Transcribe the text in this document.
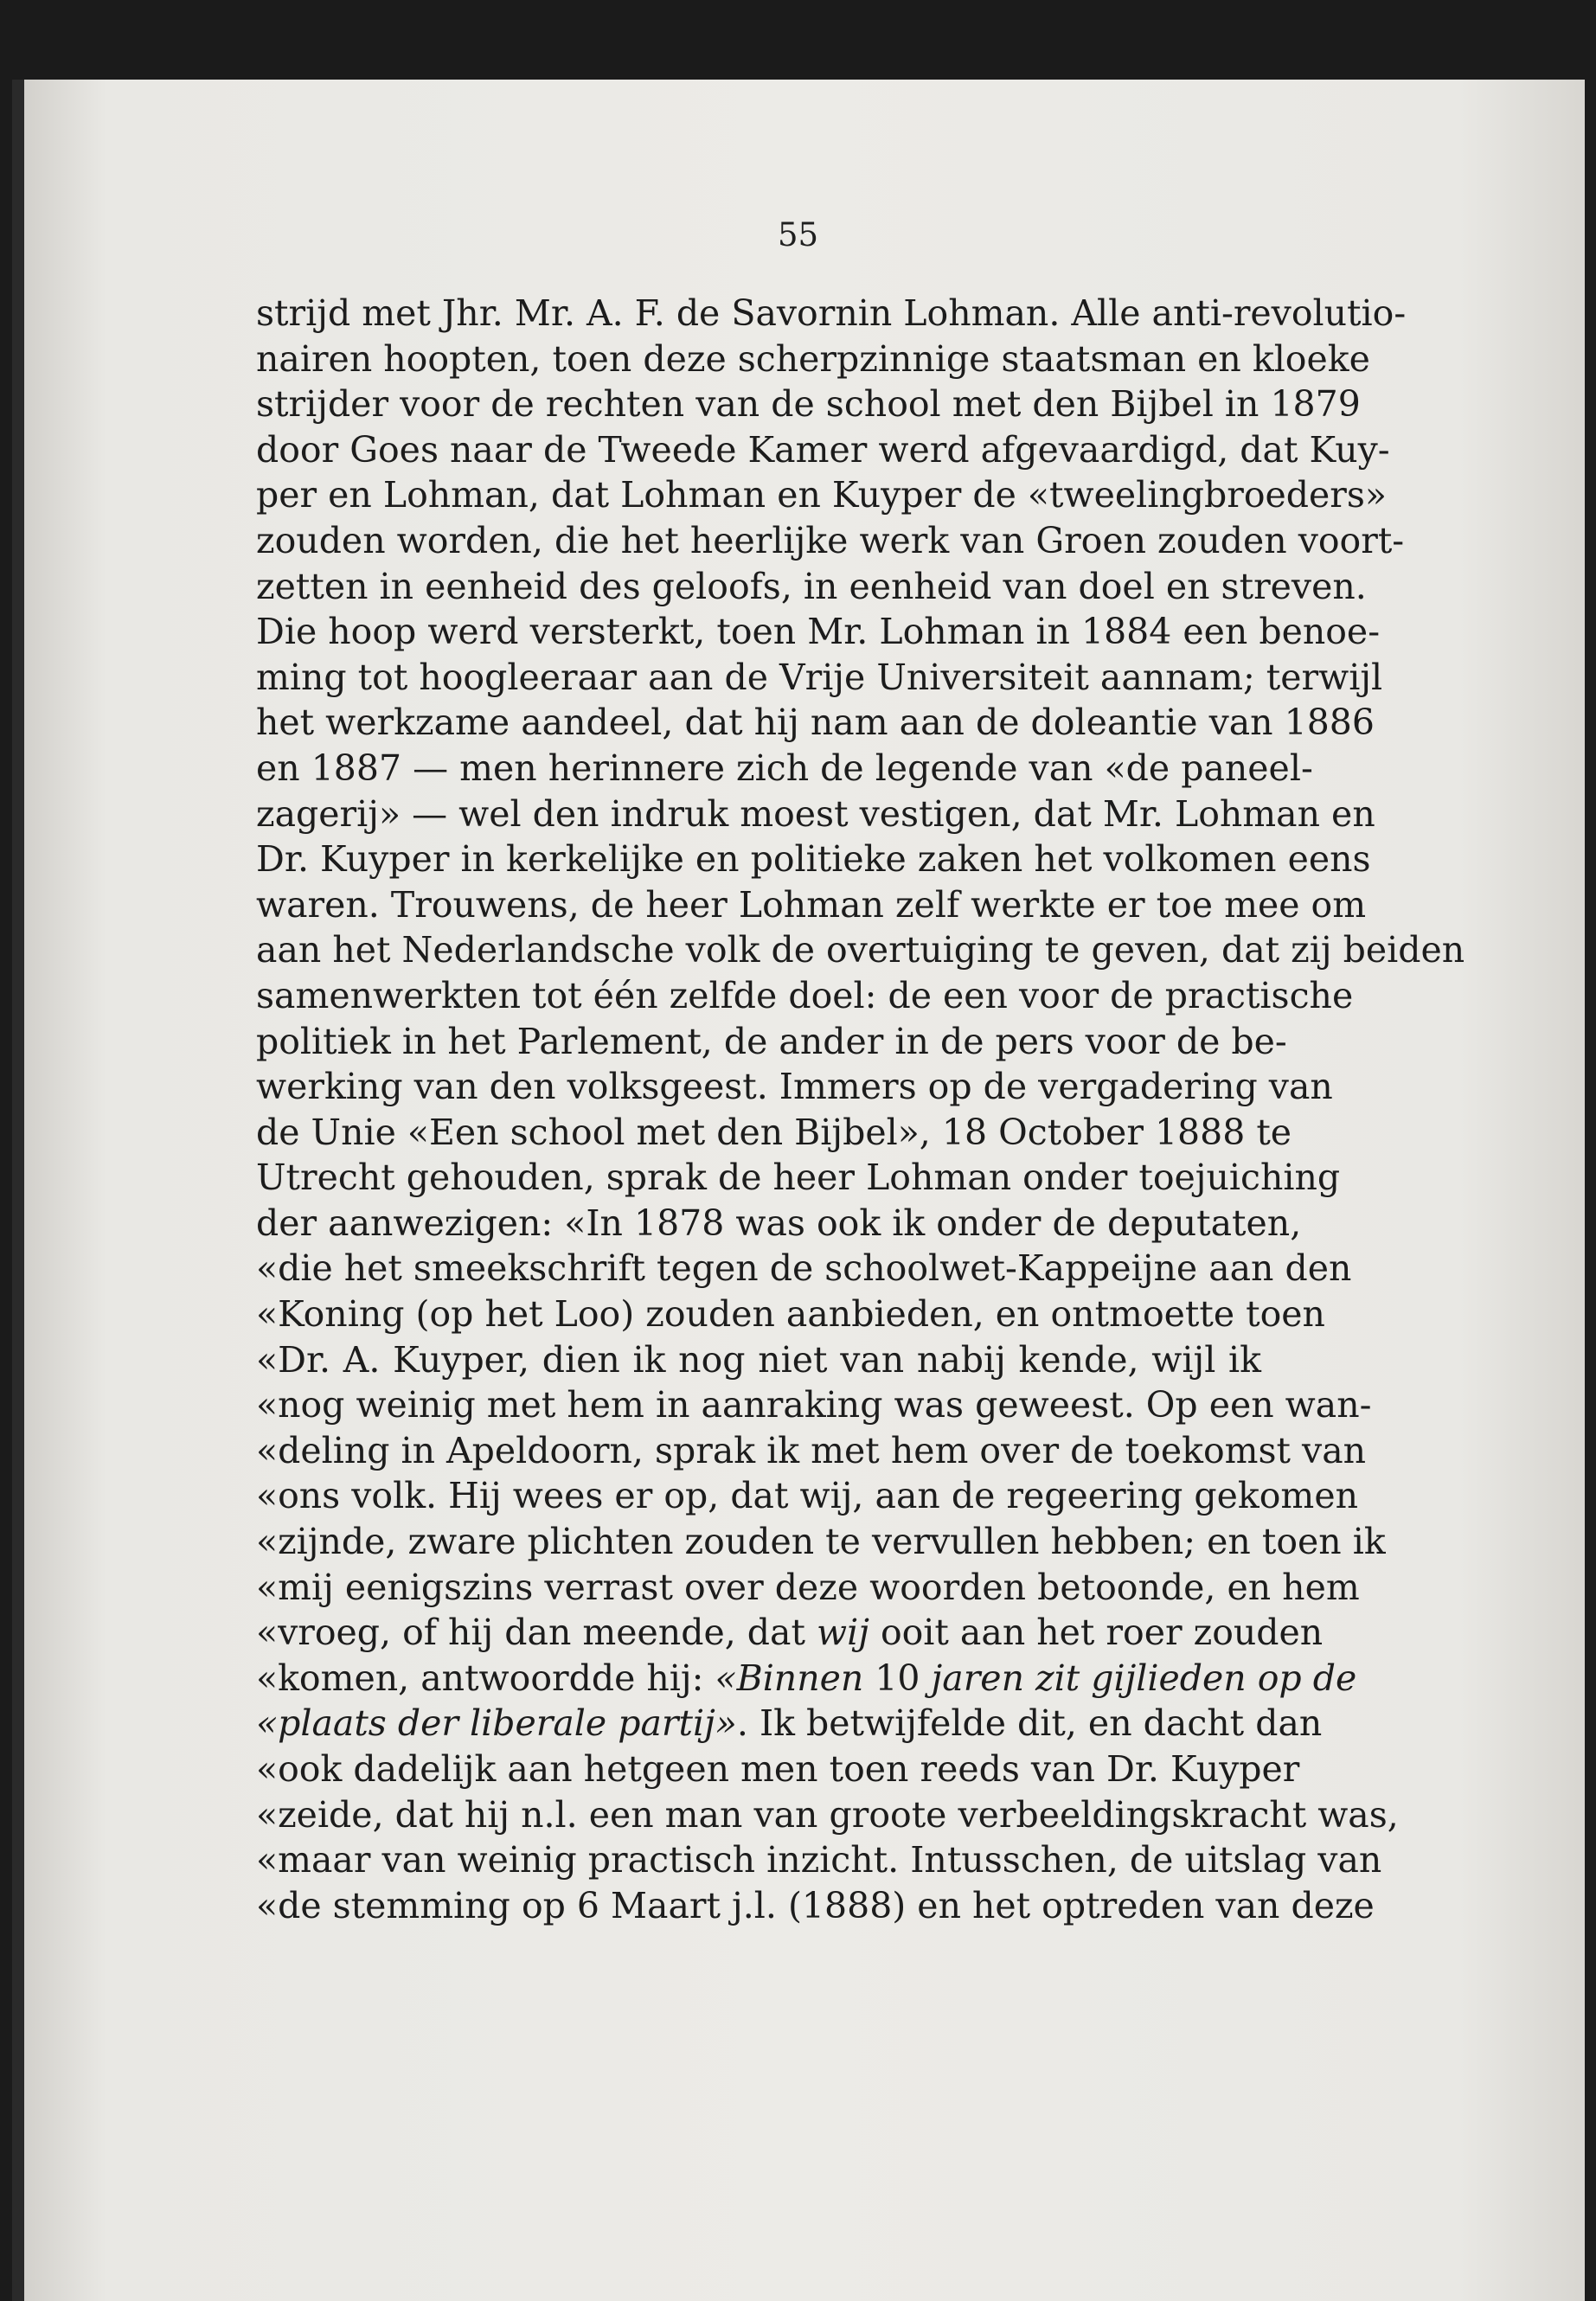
55
strijd met Jhr. Mr. A. F. de Savornin Lohman. Alle anti-revolutio-
nairen hoopten, toen deze scherpzinnige staatsman en kloeke
strijder voor de rechten van de school met den Bijbel in 1879
door Goes naar de Tweede Kamer werd afgevaardigd, dat Kuy-
per en Lohman, dat Lohman en Kuyper de «tweelingbroeders»
zouden worden, die het heerlijke werk van Groen zouden voort-
zetten in eenheid des geloofs, in eenheid van doel en streven.
Die hoop werd versterkt, toen Mr. Lohman in 1884 een benoe-
ming tot hoogleeraar aan de Vrije Universiteit aannam; terwijl
het werkzame aandeel, dat hij nam aan de doleantie van 1886
en 1887 — men herinnere zich de legende van «de paneel-
zagerij» — wel den indruk moest vestigen, dat Mr. Lohman en
Dr. Kuyper in kerkelijke en politieke zaken het volkomen eens
waren. Trouwens, de heer Lohman zelf werkte er toe mee om
aan het Nederlandsche volk de overtuiging te geven, dat zij beiden
samenwerkten tot één zelfde doel: de een voor de practische
politiek in het Parlement, de ander in de pers voor de be-
werking van den volksgeest. Immers op de vergadering van
de Unie «Een school met den Bijbel», 18 October 1888 te
Utrecht gehouden, sprak de heer Lohman onder toejuiching
der aanwezigen: «In 1878 was ook ik onder de deputaten,
«die het smeekschrift tegen de schoolwet-Kappeijne aan den
«Koning (op het Loo) zouden aanbieden, en ontmoette toen
«Dr. A. Kuyper, dien ik nog niet van nabij kende, wijl ik
«nog weinig met hem in aanraking was geweest. Op een wan-
«deling in Apeldoorn, sprak ik met hem over de toekomst van
«ons volk. Hij wees er op, dat wij, aan de regeering gekomen
«zijnde, zware plichten zouden te vervullen hebben; en toen ik
«mij eenigszins verrast over deze woorden betoonde, en hem
«vroeg, of hij dan meende, dat wij ooit aan het roer zouden
«komen, antwoordde hij: «Binnen 10 jaren zit gijlieden op de
«plaats der liberale partij». Ik betwijfelde dit, en dacht dan
«ook dadelijk aan hetgeen men toen reeds van Dr. Kuyper
«zeide, dat hij n.l. een man van groote verbeeldingskracht was,
«maar van weinig practisch inzicht. Intusschen, de uitslag van
«de stemming op 6 Maart j.l. (1888) en het optreden van deze
